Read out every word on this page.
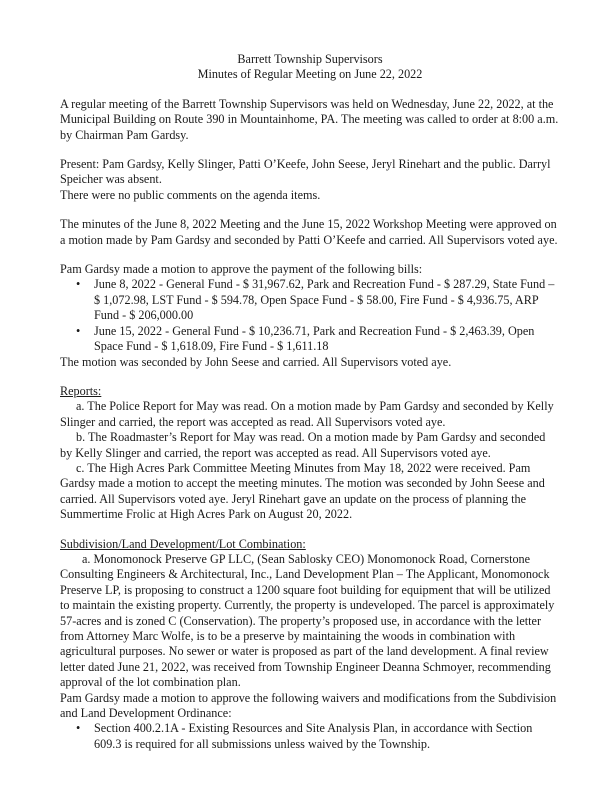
Barrett Township Supervisors

Minutes of Regular Meeting on June 22, 2022

A regular meeting of the Barrett Township Supervisors was held on Wednesday, June 22, 2022, at the Municipal Building on Route 390 in Mountainhome, PA. The meeting was called to order at 8:00 a.m. by Chairman Pam Gardsy.

Present: Pam Gardsy, Kelly Slinger, Patti O’Keefe, John Seese, Jeryl Rinehart and the public. Darryl Speicher was absent.

There were no public comments on the agenda items.

The minutes of the June 8, 2022 Meeting and the June 15, 2022 Workshop Meeting were approved on a motion made by Pam Gardsy and seconded by Patti O’Keefe and carried. All Supervisors voted aye.

Pam Gardsy made a motion to approve the payment of the following bills:

• June 8, 2022 - General Fund - $ 31,967.62, Park and Recreation Fund - $ 287.29, State Fund – $ 1,072.98, LST Fund - $ 594.78, Open Space Fund - $ 58.00, Fire Fund - $ 4,936.75, ARP Fund - $ 206,000.00
• June 15, 2022 - General Fund - $ 10,236.71, Park and Recreation Fund - $ 2,463.39, Open Space Fund - $ 1,618.09, Fire Fund - $ 1,611.18

The motion was seconded by John Seese and carried. All Supervisors voted aye.

Reports:

a. The Police Report for May was read. On a motion made by Pam Gardsy and seconded by Kelly Slinger and carried, the report was accepted as read. All Supervisors voted aye.

b. The Roadmaster’s Report for May was read. On a motion made by Pam Gardsy and seconded by Kelly Slinger and carried, the report was accepted as read. All Supervisors voted aye.

c. The High Acres Park Committee Meeting Minutes from May 18, 2022 were received. Pam Gardsy made a motion to accept the meeting minutes. The motion was seconded by John Seese and carried. All Supervisors voted aye. Jeryl Rinehart gave an update on the process of planning the Summertime Frolic at High Acres Park on August 20, 2022.

Subdivision/Land Development/Lot Combination:

a. Monomonock Preserve GP LLC, (Sean Sablosky CEO) Monomonock Road, Cornerstone Consulting Engineers & Architectural, Inc., Land Development Plan – The Applicant, Monomonock Preserve LP, is proposing to construct a 1200 square foot building for equipment that will be utilized to maintain the existing property. Currently, the property is undeveloped. The parcel is approximately 57-acres and is zoned C (Conservation). The property’s proposed use, in accordance with the letter from Attorney Marc Wolfe, is to be a preserve by maintaining the woods in combination with agricultural purposes. No sewer or water is proposed as part of the land development. A final review letter dated June 21, 2022, was received from Township Engineer Deanna Schmoyer, recommending approval of the lot combination plan.

Pam Gardsy made a motion to approve the following waivers and modifications from the Subdivision and Land Development Ordinance:

• Section 400.2.1A - Existing Resources and Site Analysis Plan, in accordance with Section 609.3 is required for all submissions unless waived by the Township.
